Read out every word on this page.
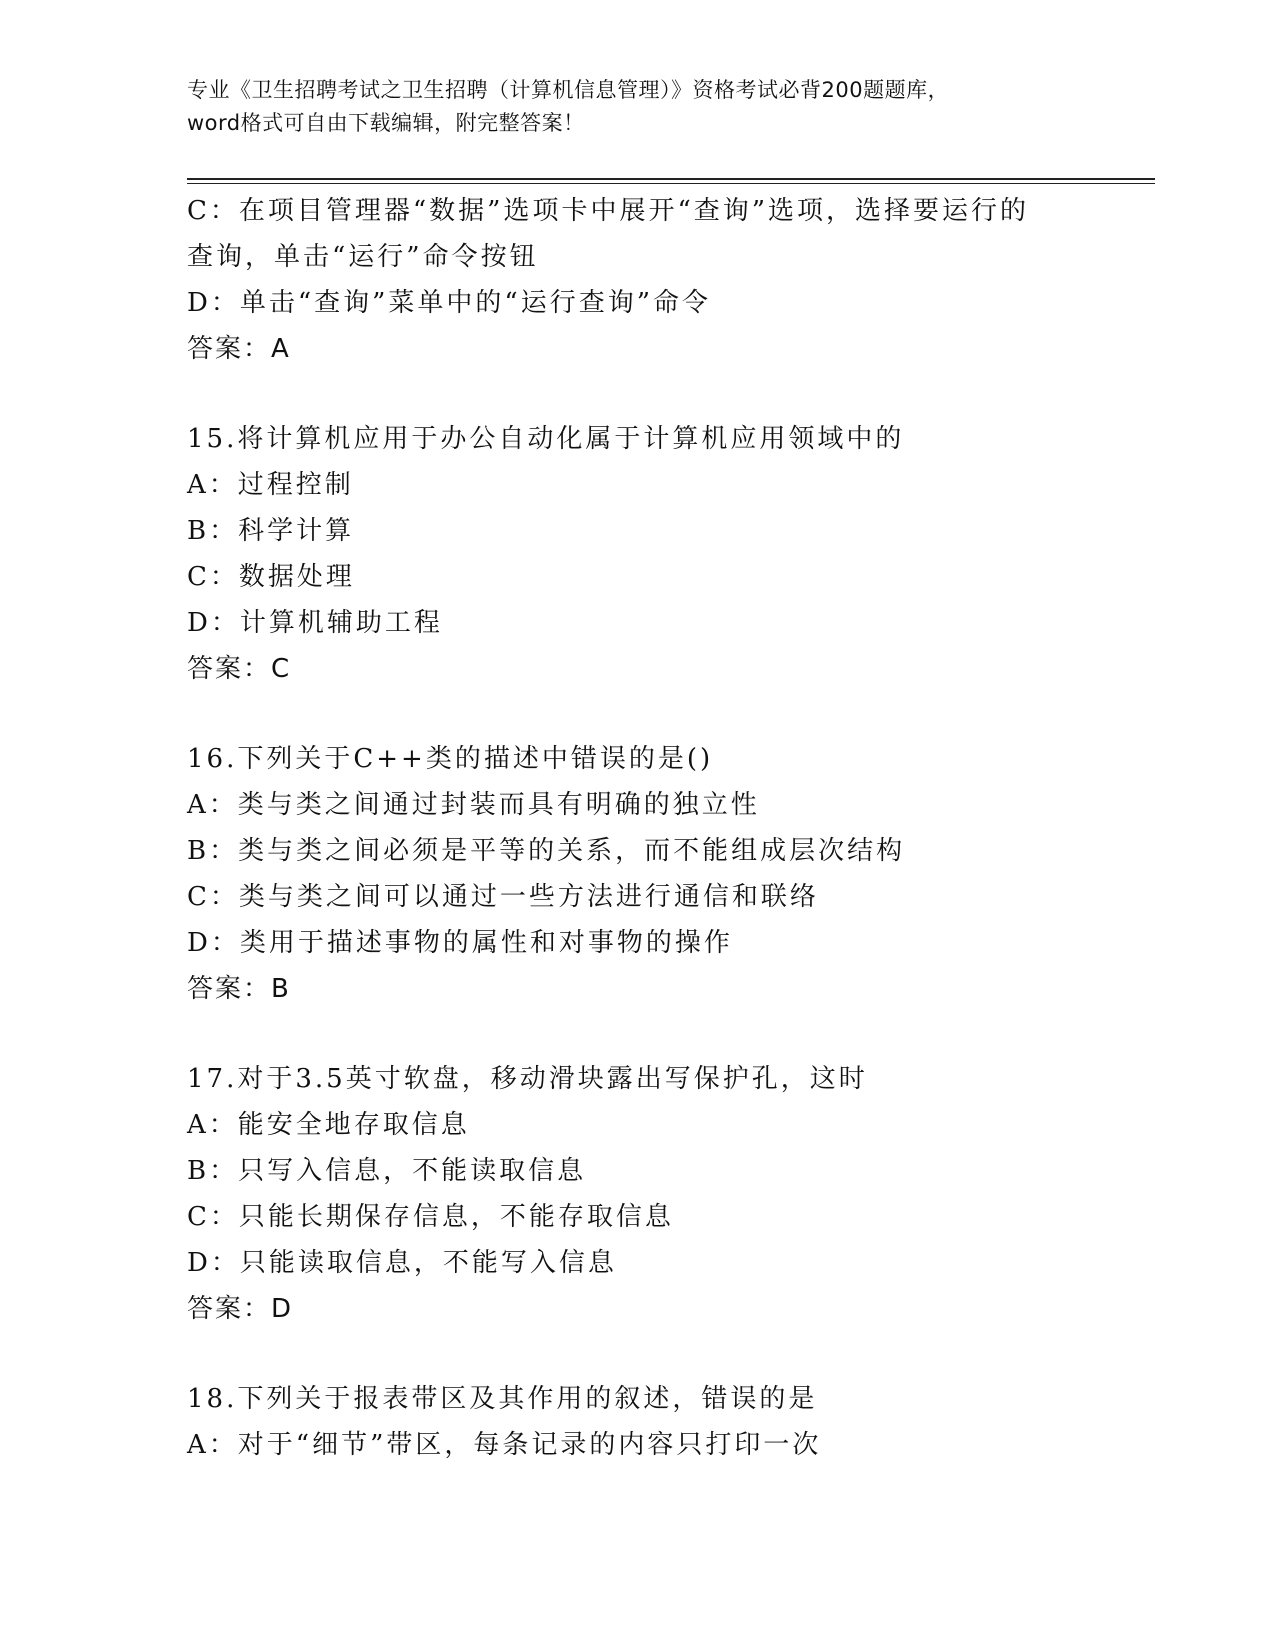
专业《卫生招聘考试之卫生招聘（计算机信息管理）》资格考试必背200题题库，
word格式可自由下载编辑，附完整答案！
C：在项目管理器“数据”选项卡中展开“查询”选项，选择要运行的
查询，单击“运行”命令按钮
D：单击“查询”菜单中的“运行查询”命令
答案：A
15.将计算机应用于办公自动化属于计算机应用领域中的
A：过程控制
B：科学计算
C：数据处理
D：计算机辅助工程
答案：C
16.下列关于C++类的描述中错误的是()
A：类与类之间通过封装而具有明确的独立性
B：类与类之间必须是平等的关系，而不能组成层次结构
C：类与类之间可以通过一些方法进行通信和联络
D：类用于描述事物的属性和对事物的操作
答案：B
17.对于3.5英寸软盘，移动滑块露出写保护孔，这时
A：能安全地存取信息
B：只写入信息，不能读取信息
C：只能长期保存信息，不能存取信息
D：只能读取信息，不能写入信息
答案：D
18.下列关于报表带区及其作用的叙述，错误的是
A：对于“细节”带区，每条记录的内容只打印一次
